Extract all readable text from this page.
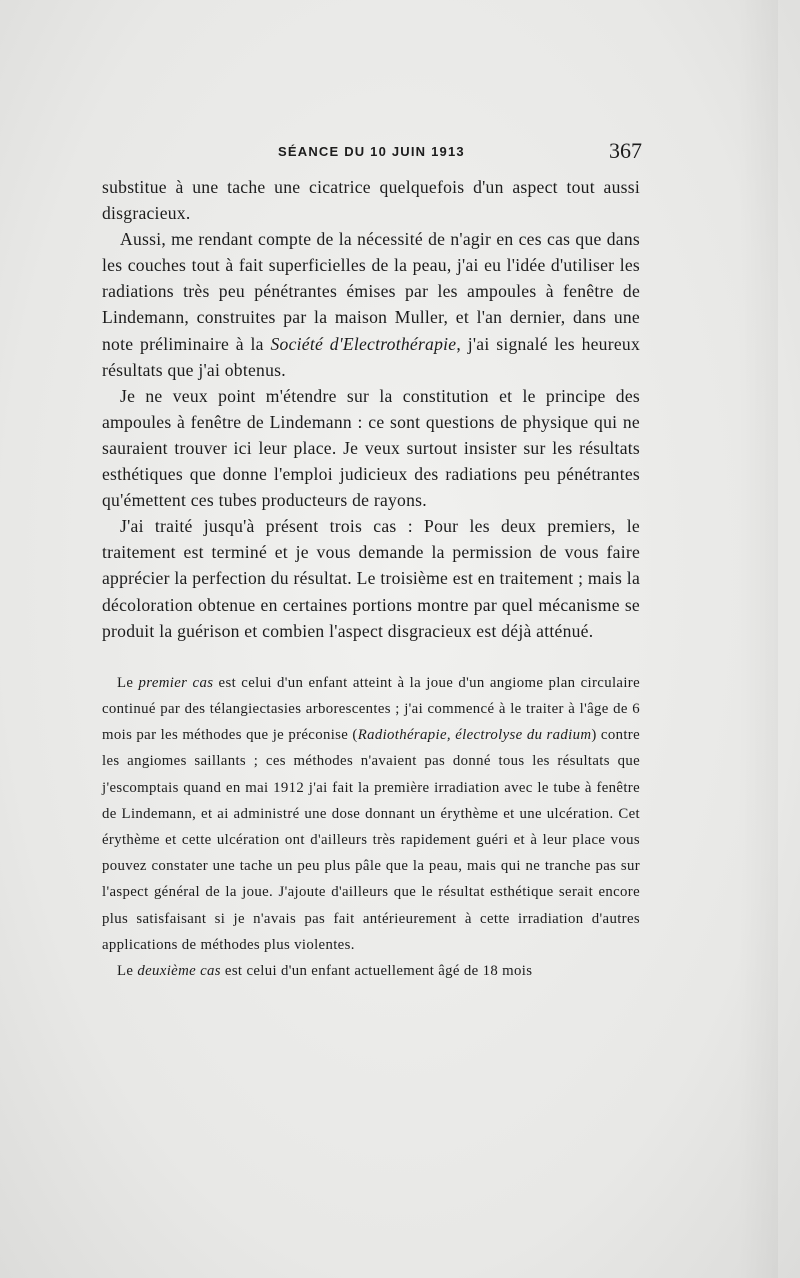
SÉANCE DU 10 JUIN 1913	367

substitue à une tache une cicatrice quelquefois d'un aspect tout aussi disgracieux.

Aussi, me rendant compte de la nécessité de n'agir en ces cas que dans les couches tout à fait superficielles de la peau, j'ai eu l'idée d'utiliser les radiations très peu pénétrantes émises par les ampoules à fenêtre de Lindemann, construites par la maison Muller, et l'an dernier, dans une note préliminaire à la Société d'Electrothérapie, j'ai signalé les heureux résultats que j'ai obtenus.

Je ne veux point m'étendre sur la constitution et le principe des ampoules à fenêtre de Lindemann : ce sont questions de physique qui ne sauraient trouver ici leur place. Je veux surtout insister sur les résultats esthétiques que donne l'emploi judicieux des radiations peu pénétrantes qu'émettent ces tubes producteurs de rayons.

J'ai traité jusqu'à présent trois cas : Pour les deux premiers, le traitement est terminé et je vous demande la permission de vous faire apprécier la perfection du résultat. Le troisième est en traitement ; mais la décoloration obtenue en certaines portions montre par quel mécanisme se produit la guérison et combien l'aspect disgracieux est déjà atténué.

Le premier cas est celui d'un enfant atteint à la joue d'un angiome plan circulaire continué par des télangiectasies arborescentes ; j'ai commencé à le traiter à l'âge de 6 mois par les méthodes que je préconise (Radiothérapie, électrolyse du radium) contre les angiomes saillants ; ces méthodes n'avaient pas donné tous les résultats que j'escomptais quand en mai 1912 j'ai fait la première irradiation avec le tube à fenêtre de Lindemann, et ai administré une dose donnant un érythème et une ulcération. Cet érythème et cette ulcération ont d'ailleurs très rapidement guéri et à leur place vous pouvez constater une tache un peu plus pâle que la peau, mais qui ne tranche pas sur l'aspect général de la joue. J'ajoute d'ailleurs que le résultat esthétique serait encore plus satisfaisant si je n'avais pas fait antérieurement à cette irradiation d'autres applications de méthodes plus violentes.

Le deuxième cas est celui d'un enfant actuellement âgé de 18 mois
